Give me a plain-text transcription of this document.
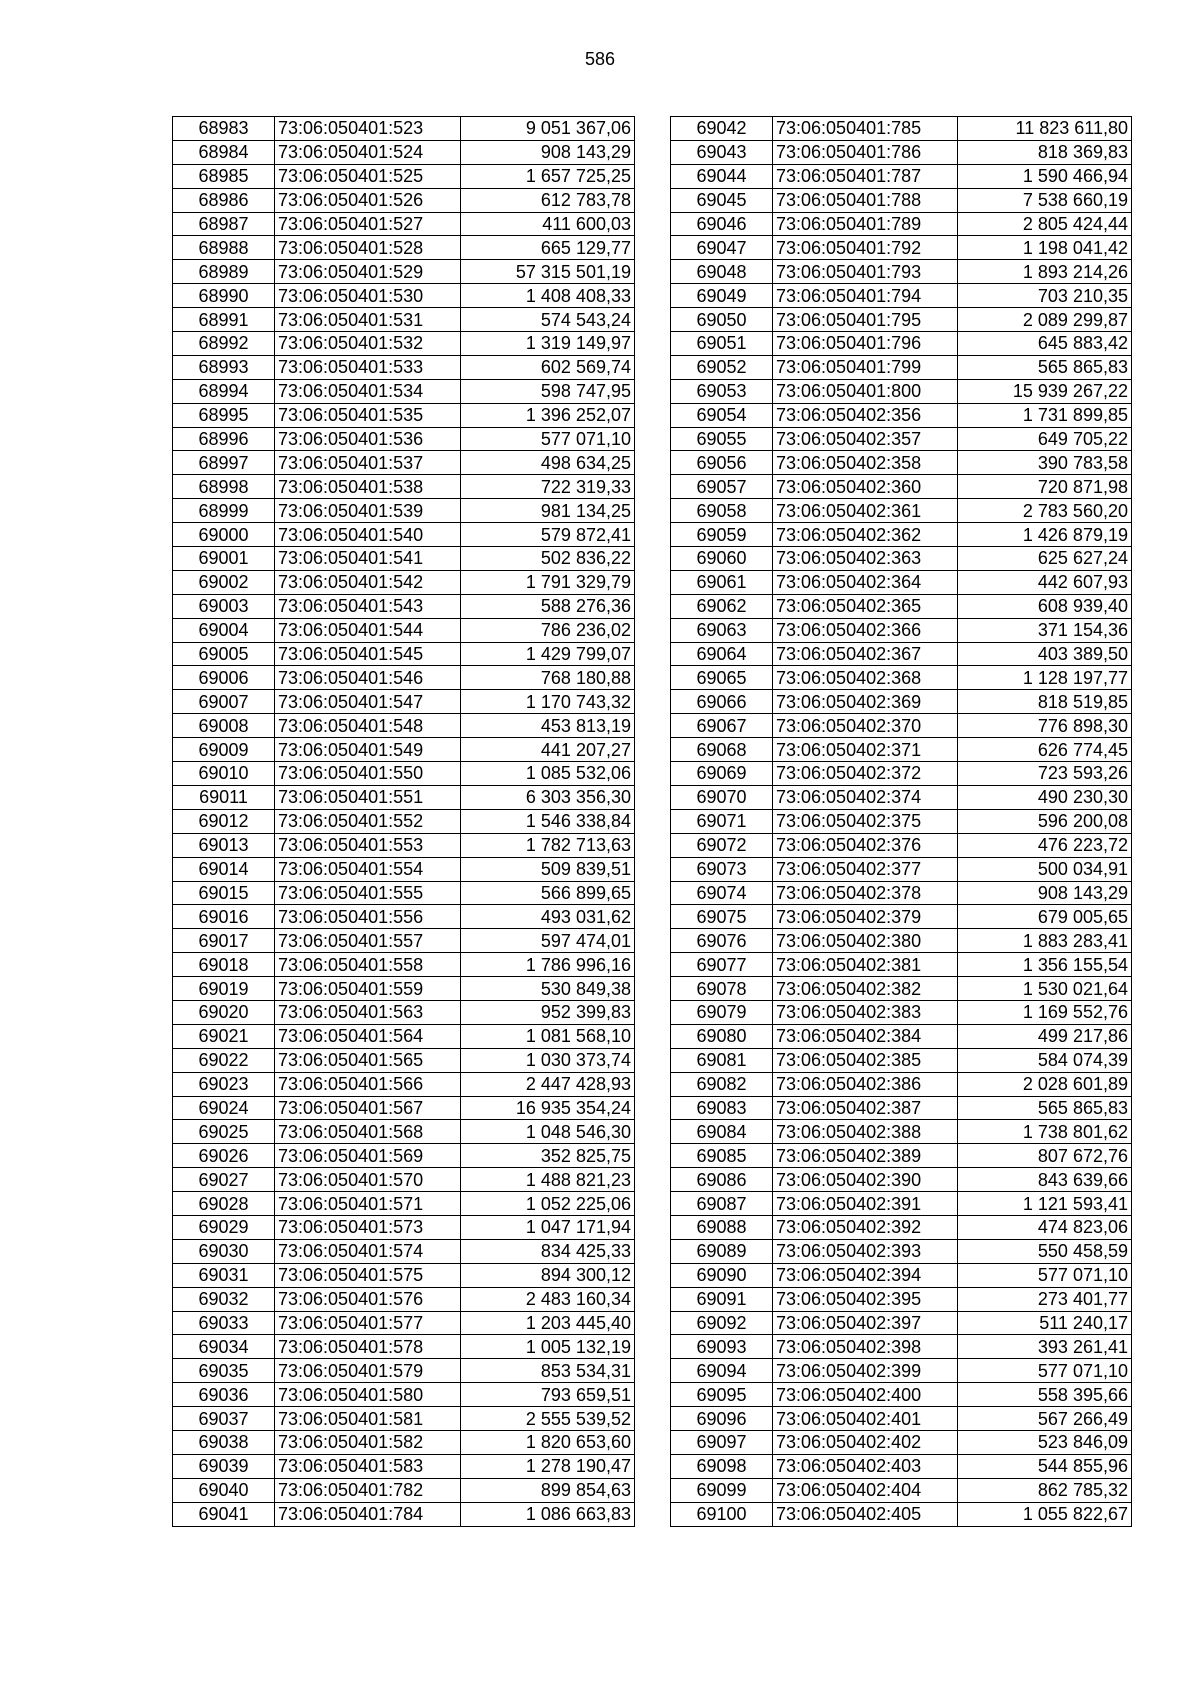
586
68983	73:06:050401:523	9 051 367,06
68984	73:06:050401:524	908 143,29
68985	73:06:050401:525	1 657 725,25
68986	73:06:050401:526	612 783,78
68987	73:06:050401:527	411 600,03
68988	73:06:050401:528	665 129,77
68989	73:06:050401:529	57 315 501,19
68990	73:06:050401:530	1 408 408,33
68991	73:06:050401:531	574 543,24
68992	73:06:050401:532	1 319 149,97
68993	73:06:050401:533	602 569,74
68994	73:06:050401:534	598 747,95
68995	73:06:050401:535	1 396 252,07
68996	73:06:050401:536	577 071,10
68997	73:06:050401:537	498 634,25
68998	73:06:050401:538	722 319,33
68999	73:06:050401:539	981 134,25
69000	73:06:050401:540	579 872,41
69001	73:06:050401:541	502 836,22
69002	73:06:050401:542	1 791 329,79
69003	73:06:050401:543	588 276,36
69004	73:06:050401:544	786 236,02
69005	73:06:050401:545	1 429 799,07
69006	73:06:050401:546	768 180,88
69007	73:06:050401:547	1 170 743,32
69008	73:06:050401:548	453 813,19
69009	73:06:050401:549	441 207,27
69010	73:06:050401:550	1 085 532,06
69011	73:06:050401:551	6 303 356,30
69012	73:06:050401:552	1 546 338,84
69013	73:06:050401:553	1 782 713,63
69014	73:06:050401:554	509 839,51
69015	73:06:050401:555	566 899,65
69016	73:06:050401:556	493 031,62
69017	73:06:050401:557	597 474,01
69018	73:06:050401:558	1 786 996,16
69019	73:06:050401:559	530 849,38
69020	73:06:050401:563	952 399,83
69021	73:06:050401:564	1 081 568,10
69022	73:06:050401:565	1 030 373,74
69023	73:06:050401:566	2 447 428,93
69024	73:06:050401:567	16 935 354,24
69025	73:06:050401:568	1 048 546,30
69026	73:06:050401:569	352 825,75
69027	73:06:050401:570	1 488 821,23
69028	73:06:050401:571	1 052 225,06
69029	73:06:050401:573	1 047 171,94
69030	73:06:050401:574	834 425,33
69031	73:06:050401:575	894 300,12
69032	73:06:050401:576	2 483 160,34
69033	73:06:050401:577	1 203 445,40
69034	73:06:050401:578	1 005 132,19
69035	73:06:050401:579	853 534,31
69036	73:06:050401:580	793 659,51
69037	73:06:050401:581	2 555 539,52
69038	73:06:050401:582	1 820 653,60
69039	73:06:050401:583	1 278 190,47
69040	73:06:050401:782	899 854,63
69041	73:06:050401:784	1 086 663,83
69042	73:06:050401:785	11 823 611,80
69043	73:06:050401:786	818 369,83
69044	73:06:050401:787	1 590 466,94
69045	73:06:050401:788	7 538 660,19
69046	73:06:050401:789	2 805 424,44
69047	73:06:050401:792	1 198 041,42
69048	73:06:050401:793	1 893 214,26
69049	73:06:050401:794	703 210,35
69050	73:06:050401:795	2 089 299,87
69051	73:06:050401:796	645 883,42
69052	73:06:050401:799	565 865,83
69053	73:06:050401:800	15 939 267,22
69054	73:06:050402:356	1 731 899,85
69055	73:06:050402:357	649 705,22
69056	73:06:050402:358	390 783,58
69057	73:06:050402:360	720 871,98
69058	73:06:050402:361	2 783 560,20
69059	73:06:050402:362	1 426 879,19
69060	73:06:050402:363	625 627,24
69061	73:06:050402:364	442 607,93
69062	73:06:050402:365	608 939,40
69063	73:06:050402:366	371 154,36
69064	73:06:050402:367	403 389,50
69065	73:06:050402:368	1 128 197,77
69066	73:06:050402:369	818 519,85
69067	73:06:050402:370	776 898,30
69068	73:06:050402:371	626 774,45
69069	73:06:050402:372	723 593,26
69070	73:06:050402:374	490 230,30
69071	73:06:050402:375	596 200,08
69072	73:06:050402:376	476 223,72
69073	73:06:050402:377	500 034,91
69074	73:06:050402:378	908 143,29
69075	73:06:050402:379	679 005,65
69076	73:06:050402:380	1 883 283,41
69077	73:06:050402:381	1 356 155,54
69078	73:06:050402:382	1 530 021,64
69079	73:06:050402:383	1 169 552,76
69080	73:06:050402:384	499 217,86
69081	73:06:050402:385	584 074,39
69082	73:06:050402:386	2 028 601,89
69083	73:06:050402:387	565 865,83
69084	73:06:050402:388	1 738 801,62
69085	73:06:050402:389	807 672,76
69086	73:06:050402:390	843 639,66
69087	73:06:050402:391	1 121 593,41
69088	73:06:050402:392	474 823,06
69089	73:06:050402:393	550 458,59
69090	73:06:050402:394	577 071,10
69091	73:06:050402:395	273 401,77
69092	73:06:050402:397	511 240,17
69093	73:06:050402:398	393 261,41
69094	73:06:050402:399	577 071,10
69095	73:06:050402:400	558 395,66
69096	73:06:050402:401	567 266,49
69097	73:06:050402:402	523 846,09
69098	73:06:050402:403	544 855,96
69099	73:06:050402:404	862 785,32
69100	73:06:050402:405	1 055 822,67
